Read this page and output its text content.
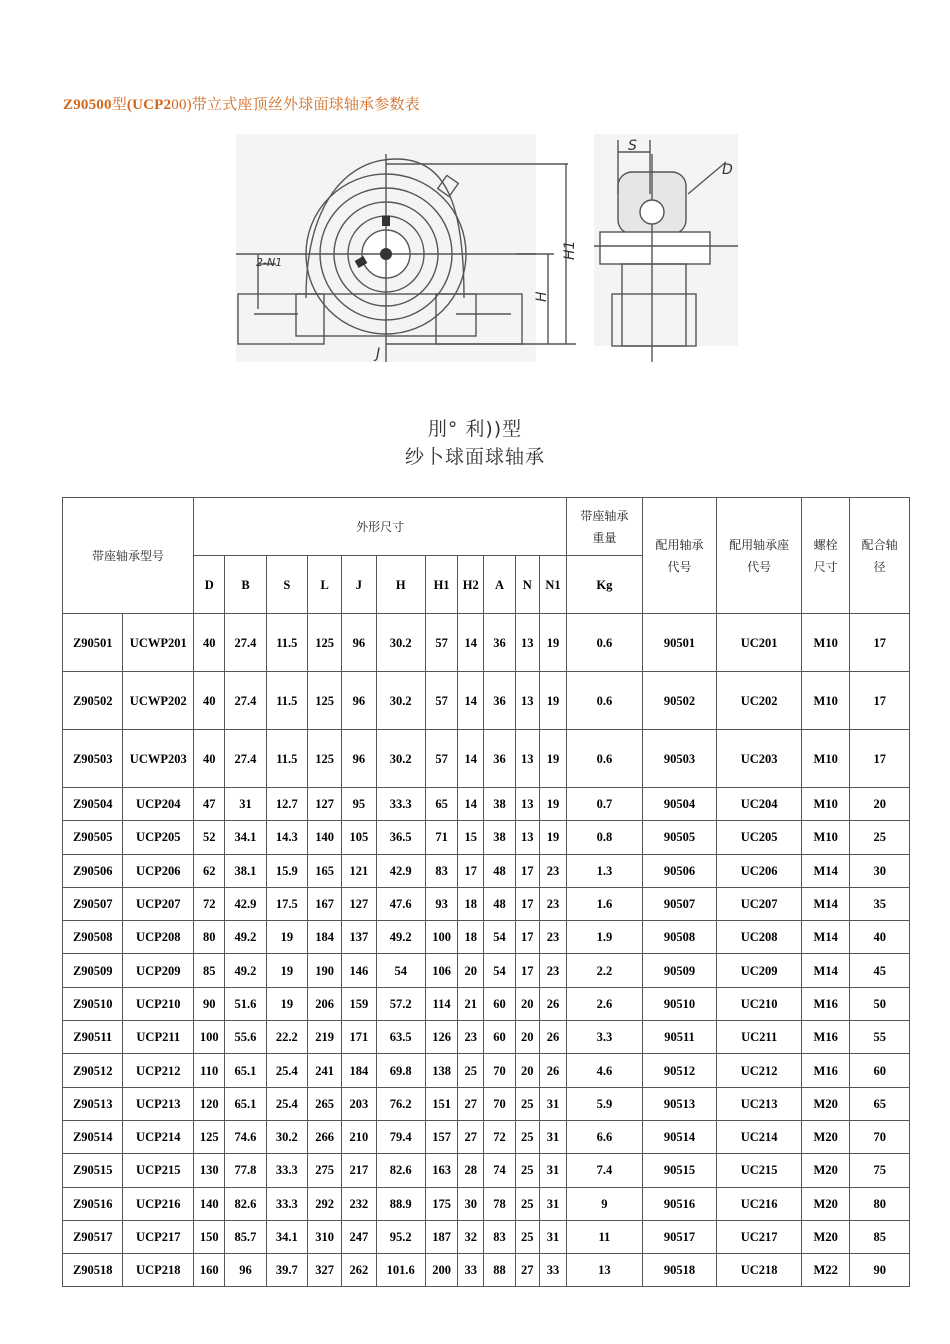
Z90500型(UCP200)带立式座顶丝外球面球轴承参数表
S
D
H1
H
J
2-N1
刖° 利))型
纱卜球面球轴承
带座轴承型号		外形尺寸											带座轴承重量	配用轴承代号	配用轴承座代号	螺栓尺寸	配合轴径
		D	B	S	L	J	H	H1	H2	A	N	N1	Kg				
Z90501	UCWP201	40	27.4	11.5	125	96	30.2	57	14	36	13	19	0.6	90501	UC201	M10	17
Z90502	UCWP202	40	27.4	11.5	125	96	30.2	57	14	36	13	19	0.6	90502	UC202	M10	17
Z90503	UCWP203	40	27.4	11.5	125	96	30.2	57	14	36	13	19	0.6	90503	UC203	M10	17
Z90504	UCP204	47	31	12.7	127	95	33.3	65	14	38	13	19	0.7	90504	UC204	M10	20
Z90505	UCP205	52	34.1	14.3	140	105	36.5	71	15	38	13	19	0.8	90505	UC205	M10	25
Z90506	UCP206	62	38.1	15.9	165	121	42.9	83	17	48	17	23	1.3	90506	UC206	M14	30
Z90507	UCP207	72	42.9	17.5	167	127	47.6	93	18	48	17	23	1.6	90507	UC207	M14	35
Z90508	UCP208	80	49.2	19	184	137	49.2	100	18	54	17	23	1.9	90508	UC208	M14	40
Z90509	UCP209	85	49.2	19	190	146	54	106	20	54	17	23	2.2	90509	UC209	M14	45
Z90510	UCP210	90	51.6	19	206	159	57.2	114	21	60	20	26	2.6	90510	UC210	M16	50
Z90511	UCP211	100	55.6	22.2	219	171	63.5	126	23	60	20	26	3.3	90511	UC211	M16	55
Z90512	UCP212	110	65.1	25.4	241	184	69.8	138	25	70	20	26	4.6	90512	UC212	M16	60
Z90513	UCP213	120	65.1	25.4	265	203	76.2	151	27	70	25	31	5.9	90513	UC213	M20	65
Z90514	UCP214	125	74.6	30.2	266	210	79.4	157	27	72	25	31	6.6	90514	UC214	M20	70
Z90515	UCP215	130	77.8	33.3	275	217	82.6	163	28	74	25	31	7.4	90515	UC215	M20	75
Z90516	UCP216	140	82.6	33.3	292	232	88.9	175	30	78	25	31	9	90516	UC216	M20	80
Z90517	UCP217	150	85.7	34.1	310	247	95.2	187	32	83	25	31	11	90517	UC217	M20	85
Z90518	UCP218	160	96	39.7	327	262	101.6	200	33	88	27	33	13	90518	UC218	M22	90
